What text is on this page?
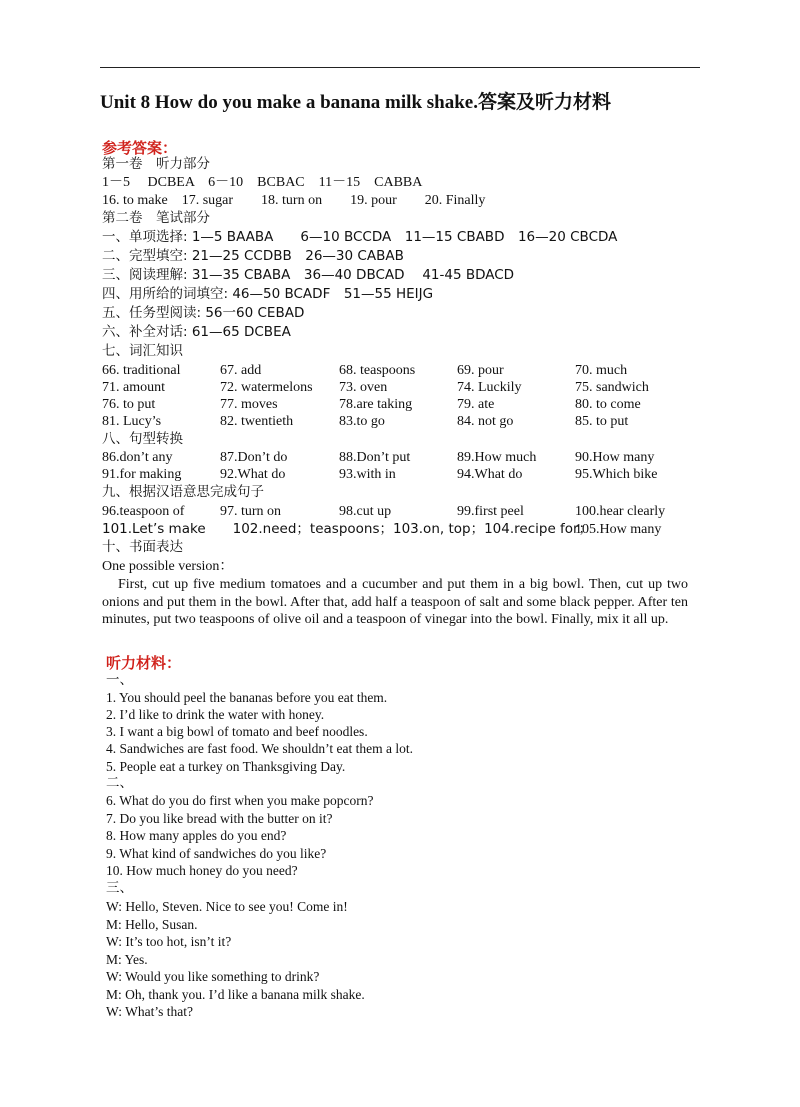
Unit 8 How do you make a banana milk shake.答案及听力材料
参考答案：
第一卷　听力部分
1－5　 DCBEA　6－10　BCBAC　11－15　CABBA
16. to make　17. sugar　　18. turn on　　19. pour　　20. Finally
第二卷　笔试部分
一、单项选择: 1—5 BAABA　　6—10 BCCDA　11—15 CBABD　16—20 CBCDA
二、完型填空: 21—25 CCDBB　26—30 CABAB
三、阅读理解: 31—35 CBABA　36—40 DBCAD　 41-45 BDACD
四、用所给的词填空: 46—50 BCADF　51—55 HEIJG
五、任务型阅读: 56一60 CEBAD
六、补全对话: 61—65 DCBEA
七、词汇知识
66. traditional	67. add	68. teaspoons	69. pour	70. much
71. amount	72. watermelons 73. oven	74. Luckily	75. sandwich
76. to put	77. moves	78.are taking	79. ate	80. to come
81. Lucy’s	82. twentieth	83.to go	84. not go	85. to put
八、句型转换
86.don’t any	87.Don’t do	88.Don’t put	89.How much	90.How many
91.for making	92.What do	93.with in	94.What do	95.Which bike
九、根据汉语意思完成句子
96.teaspoon of	97. turn on	98.cut up	99.first peel	100.hear clearly
101.Let’s make　　102.need；teaspoons；103.on, top；104.recipe for；
105.How many
十、书面表达
One possible version：
First, cut up five medium tomatoes and a cucumber and put them in a big bowl. Then, cut up two onions and put them in the bowl. After that, add half a teaspoon of salt and some black pepper. After ten minutes, put two teaspoons of olive oil and a teaspoon of vinegar into the bowl. Finally, mix it all up.
听力材料：
一、
1. You should peel the bananas before you eat them.
2. I’d like to drink the water with honey.
3. I want a big bowl of tomato and beef noodles.
4. Sandwiches are fast food. We shouldn’t eat them a lot.
5. People eat a turkey on Thanksgiving Day.
二、
6. What do you do first when you make popcorn?
7. Do you like bread with the butter on it?
8. How many apples do you end?
9. What kind of sandwiches do you like?
10. How much honey do you need?
三、
W: Hello, Steven. Nice to see you! Come in!
M: Hello, Susan.
W: It’s too hot, isn’t it?
M: Yes.
W: Would you like something to drink?
M: Oh, thank you. I’d like a banana milk shake.
W: What’s that?
